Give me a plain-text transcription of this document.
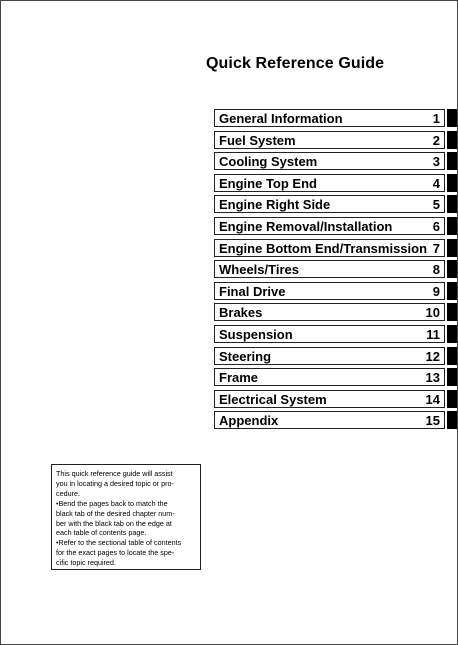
Quick Reference Guide
General Information	1
Fuel System	2
Cooling System	3
Engine Top End	4
Engine Right Side	5
Engine Removal/Installation	6
Engine Bottom End/Transmission 7
Wheels/Tires	8
Final Drive	9
Brakes	10
Suspension	11
Steering	12
Frame	13
Electrical System	14
Appendix	15
This quick reference guide will assist
you in locating a desired topic or pro-
cedure.
•Bend the pages back to match the
black tab of the desired chapter num-
ber with the black tab on the edge at
each table of contents page.
•Refer to the sectional table of contents
for the exact pages to locate the spe-
cific topic required.
